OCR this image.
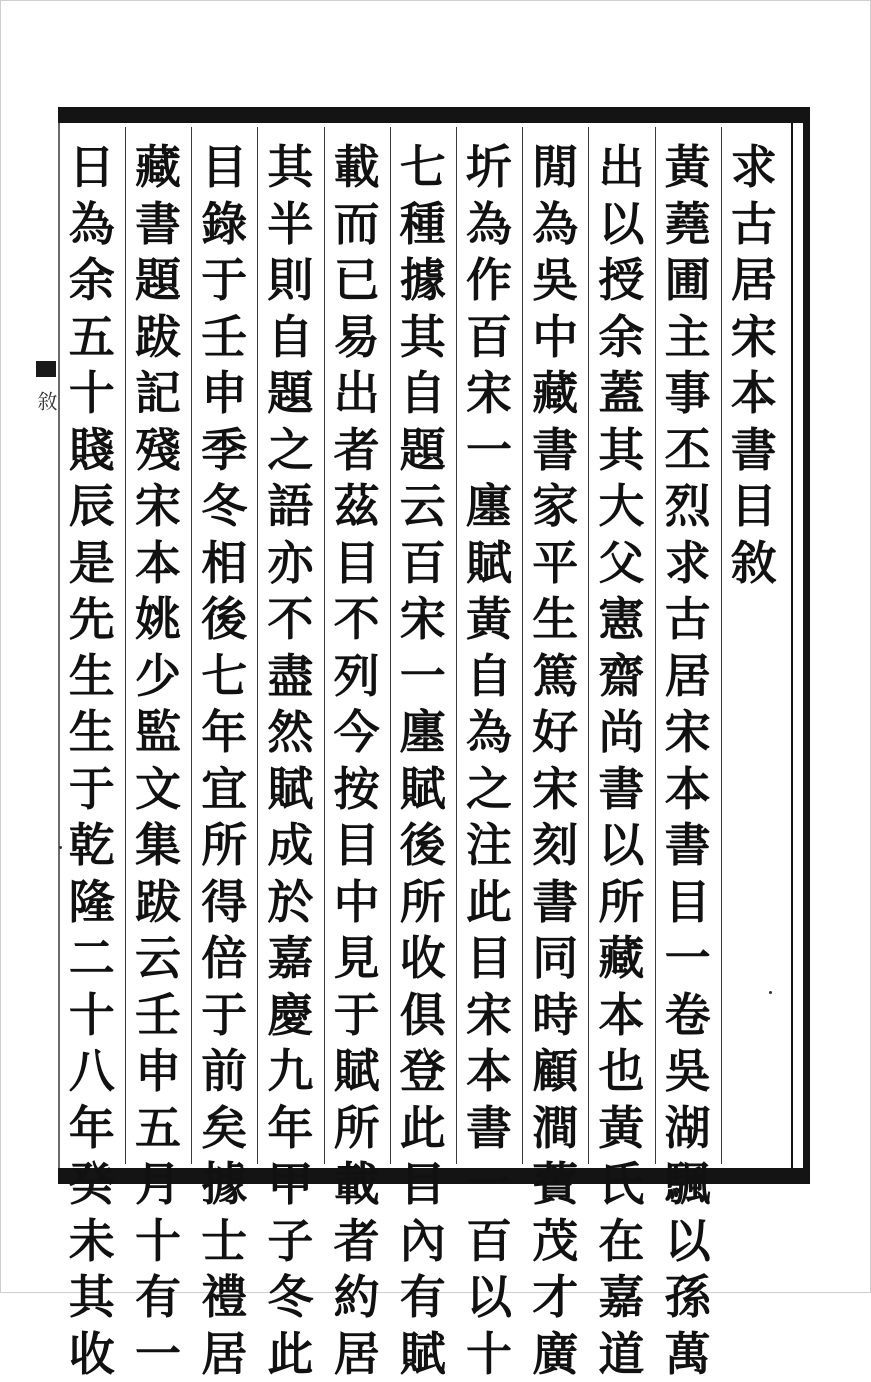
敘
求
古
居
宋
本
書
目
敘
黃
蕘
圃
主
事
丕
烈
求
古
居
宋
本
書
目
一
卷
吳
湖
颿
以
孫
萬
出
以
授
余
蓋
其
大
父
憲
齋
尚
書
以
所
藏
本
也
黃
氏
在
嘉
道
閒
為
吳
中
藏
書
家
平
生
篤
好
宋
刻
書
同
時
顧
澗
薲
茂
才
廣
圻
為
作
百
宋
一
廛
賦
黃
自
為
之
注
此
目
宋
本
書
一
百
以
十
七
種
據
其
自
題
云
百
宋
一
廛
賦
後
所
收
俱
登
此
目
內
有
賦
載
而
已
易
出
者
茲
目
不
列
今
按
目
中
見
于
賦
所
載
者
約
居
其
半
則
自
題
之
語
亦
不
盡
然
賦
成
於
嘉
慶
九
年
甲
子
冬
此
目
錄
于
壬
申
季
冬
相
後
七
年
宜
所
得
倍
于
前
矣
據
士
禮
居
藏
書
題
跋
記
殘
宋
本
姚
少
監
文
集
跋
云
壬
申
五
月
十
有
一
日
為
余
五
十
賤
辰
是
先
生
生
于
乾
隆
二
十
八
年
癸
未
其
收
